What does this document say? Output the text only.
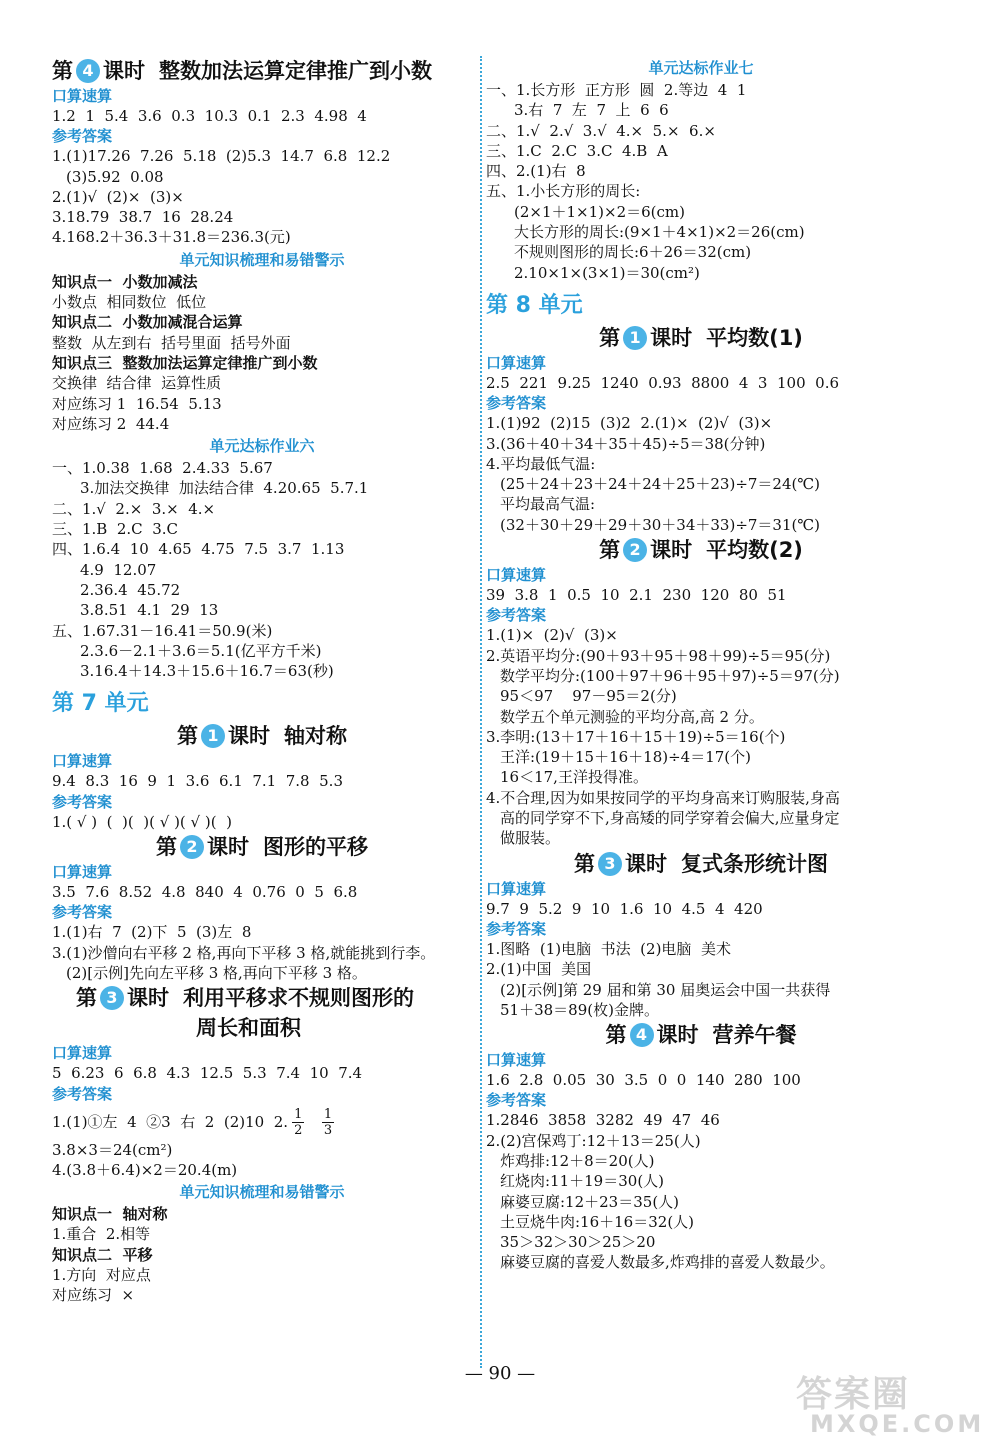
第 4 课时 整数加法运算定律推广到小数
口算速算
1.2  1  5.4  3.6  0.3  10.3  0.1  2.3  4.98  4
参考答案
1.(1)17.26  7.26  5.18  (2)5.3  14.7  6.8  12.2
(3)5.92  0.08
2.(1)√  (2)×  (3)×
3.18.79  38.7  16  28.24
4.168.2＋36.3＋31.8＝236.3(元)
单元知识梳理和易错警示
知识点一  小数加减法
小数点  相同数位  低位
知识点二  小数加减混合运算
整数  从左到右  括号里面  括号外面
知识点三  整数加法运算定律推广到小数
交换律  结合律  运算性质
对应练习 1  16.54  5.13
对应练习 2  44.4
单元达标作业六
一、1.0.38  1.68  2.4.33  5.67
3.加法交换律  加法结合律  4.20.65  5.7.1
二、1.√  2.×  3.×  4.×
三、1.B  2.C  3.C
四、1.6.4  10  4.65  4.75  7.5  3.7  1.13
4.9  12.07
2.36.4  45.72
3.8.51  4.1  29  13
五、1.67.31－16.41＝50.9(米)
2.3.6－2.1＋3.6＝5.1(亿平方千米)
3.16.4＋14.3＋15.6＋16.7＝63(秒)
第 7 单元
第 1 课时 轴对称
口算速算
9.4  8.3  16  9  1  3.6  6.1  7.1  7.8  5.3
参考答案
1.( √ )  (  )(  )( √ )( √ )(  )
第 2 课时 图形的平移
口算速算
3.5  7.6  8.52  4.8  840  4  0.76  0  5  6.8
参考答案
1.(1)右  7  (2)下  5  (3)左  8
3.(1)沙僧向右平移 2 格,再向下平移 3 格,就能挑到行李。
(2)[示例]先向左平移 3 格,再向下平移 3 格。
第 3 课时 利用平移求不规则图形的
周长和面积
口算速算
5  6.23  6  6.8  4.3  12.5  5.3  7.4  10  7.4
参考答案
1.(1)①左  4  ②3  右  2  (2)10  2. $\frac{1}{2}$
$\frac{1}{3}$
3.8×3＝24(cm²)
4.(3.8＋6.4)×2＝20.4(m)
单元知识梳理和易错警示
知识点一  轴对称
1.重合  2.相等
知识点二  平移
1.方向  对应点
对应练习  ×
单元达标作业七
一、1.长方形  正方形  圆  2.等边  4  1
3.右  7  左  7  上  6  6
二、1.√  2.√  3.√  4.×  5.×  6.×
三、1.C  2.C  3.C  4.B  A
四、2.(1)右  8
五、1.小长方形的周长:
(2×1＋1×1)×2＝6(cm)
大长方形的周长:(9×1＋4×1)×2＝26(cm)
不规则图形的周长:6＋26＝32(cm)
2.10×1×(3×1)＝30(cm²)
第 8 单元
第 1 课时 平均数(1)
口算速算
2.5  221  9.25  1240  0.93  8800  4  3  100  0.6
参考答案
1.(1)92  (2)15  (3)2  2.(1)×  (2)√  (3)×
3.(36＋40＋34＋35＋45)÷5＝38(分钟)
4.平均最低气温:
(25＋24＋23＋24＋24＋25＋23)÷7＝24(℃)
平均最高气温:
(32＋30＋29＋29＋30＋34＋33)÷7＝31(℃)
第 2 课时 平均数(2)
口算速算
39  3.8  1  0.5  10  2.1  230  120  80  51
参考答案
1.(1)×  (2)√  (3)×
2.英语平均分:(90＋93＋95＋98＋99)÷5＝95(分)
数学平均分:(100＋97＋96＋95＋97)÷5＝97(分)
95＜97    97－95＝2(分)
数学五个单元测验的平均分高,高 2 分。
3.李明:(13＋17＋16＋15＋19)÷5＝16(个)
王洋:(19＋15＋16＋18)÷4＝17(个)
16＜17,王洋投得准。
4.不合理,因为如果按同学的平均身高来订购服装,身高
高的同学穿不下,身高矮的同学穿着会偏大,应量身定
做服装。
第 3 课时 复式条形统计图
口算速算
9.7  9  5.2  9  10  1.6  10  4.5  4  420
参考答案
1.图略  (1)电脑  书法  (2)电脑  美术
2.(1)中国  美国
(2)[示例]第 29 届和第 30 届奥运会中国一共获得
51＋38＝89(枚)金牌。
第 4 课时 营养午餐
口算速算
1.6  2.8  0.05  30  3.5  0  0  140  280  100
参考答案
1.2846  3858  3282  49  47  46
2.(2)宫保鸡丁:12＋13＝25(人)
炸鸡排:12＋8＝20(人)
红烧肉:11＋19＝30(人)
麻婆豆腐:12＋23＝35(人)
土豆烧牛肉:16＋16＝32(人)
35＞32＞30＞25＞20
麻婆豆腐的喜爱人数最多,炸鸡排的喜爱人数最少。
— 90 —
答案圈
MXQE.COM
